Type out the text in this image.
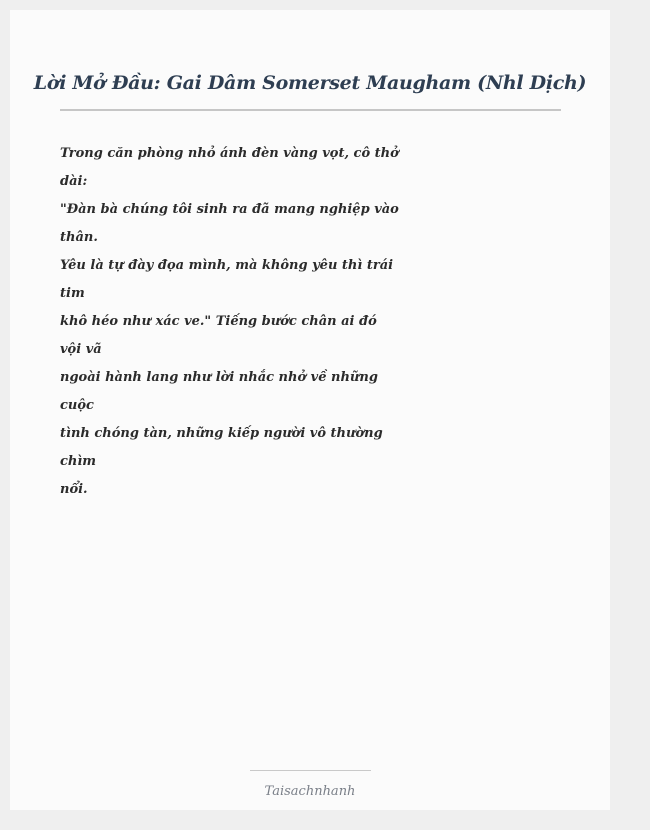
Lời Mở Đầu: Gai Dâm Somerset Maugham (Nhl Dịch)
Trong căn phòng nhỏ ánh đèn vàng vọt, cô thở
dài:
"Đàn bà chúng tôi sinh ra đã mang nghiệp vào
thân.
Yêu là tự đày đọa mình, mà không yêu thì trái
tim
khô héo như xác ve." Tiếng bước chân ai đó
vội vã
ngoài hành lang như lời nhắc nhở về những
cuộc
tình chóng tàn, những kiếp người vô thường
chìm
nổi.
Taisachnhanh
